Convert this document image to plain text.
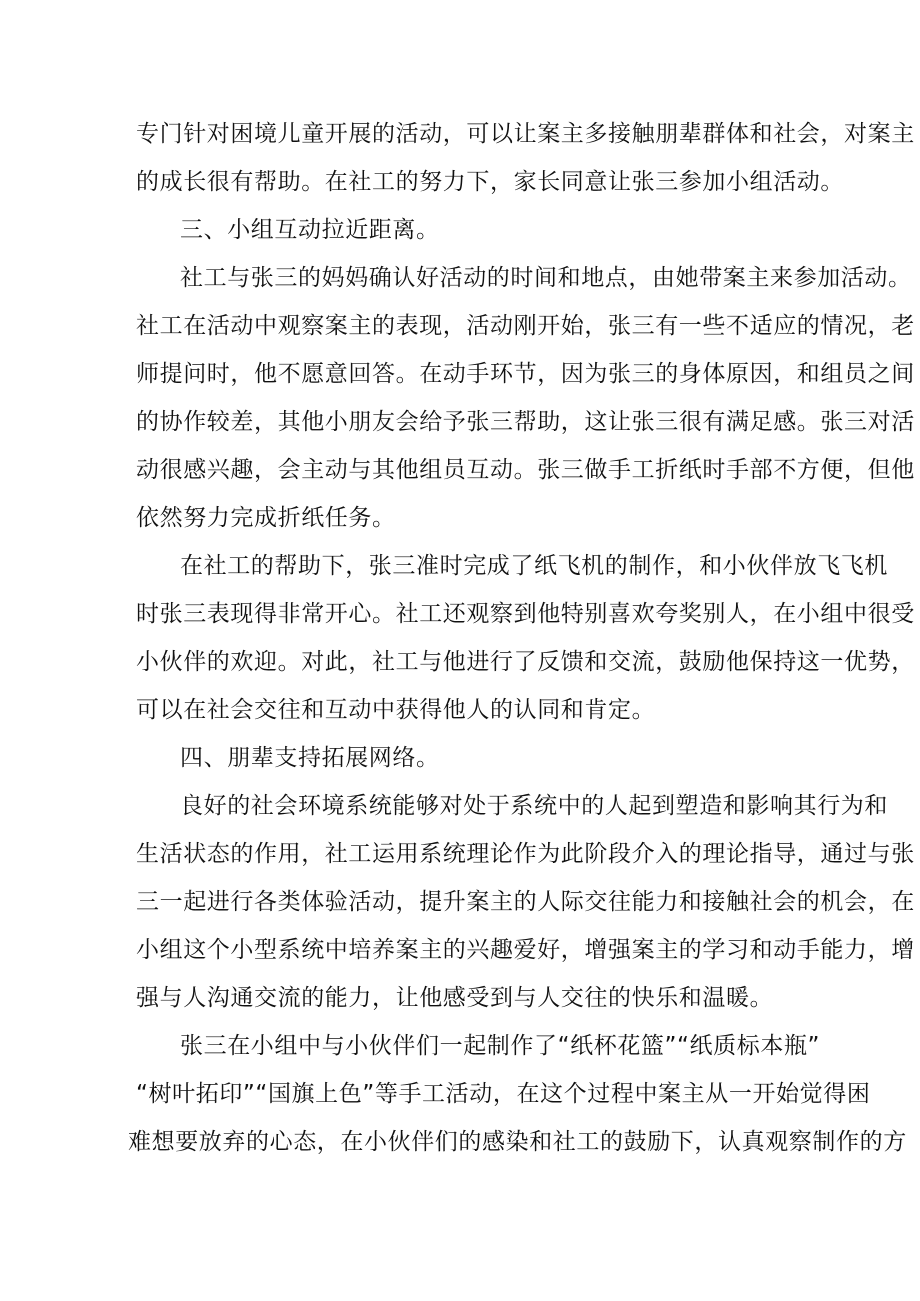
专门针对困境儿童开展的活动，可以让案主多接触朋辈群体和社会，对案主
的成长很有帮助。在社工的努力下，家长同意让张三参加小组活动。
三、小组互动拉近距离。
社工与张三的妈妈确认好活动的时间和地点，由她带案主来参加活动。
社工在活动中观察案主的表现，活动刚开始，张三有一些不适应的情况，老
师提问时，他不愿意回答。在动手环节，因为张三的身体原因，和组员之间
的协作较差，其他小朋友会给予张三帮助，这让张三很有满足感。张三对活
动很感兴趣，会主动与其他组员互动。张三做手工折纸时手部不方便，但他
依然努力完成折纸任务。
在社工的帮助下，张三准时完成了纸飞机的制作，和小伙伴放飞飞机
时张三表现得非常开心。社工还观察到他特别喜欢夸奖别人，在小组中很受
小伙伴的欢迎。对此，社工与他进行了反馈和交流，鼓励他保持这一优势，
可以在社会交往和互动中获得他人的认同和肯定。
四、朋辈支持拓展网络。
良好的社会环境系统能够对处于系统中的人起到塑造和影响其行为和
生活状态的作用，社工运用系统理论作为此阶段介入的理论指导，通过与张
三一起进行各类体验活动，提升案主的人际交往能力和接触社会的机会，在
小组这个小型系统中培养案主的兴趣爱好，增强案主的学习和动手能力，增
强与人沟通交流的能力，让他感受到与人交往的快乐和温暖。
张三在小组中与小伙伴们一起制作了“纸杯花篮”“纸质标本瓶”
“树叶拓印”“国旗上色”等手工活动，在这个过程中案主从一开始觉得困
难想要放弃的心态，在小伙伴们的感染和社工的鼓励下，认真观察制作的方
